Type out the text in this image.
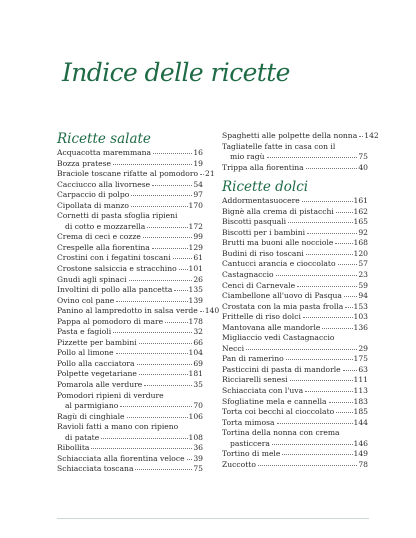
Indice delle ricette
Ricette salate
Acquacotta maremmana	16
Bozza pratese	19
Braciole toscane rifatte al pomodoro 21
Cacciucco alla livornese	54
Carpaccio di polpo	97
Cipollata di manzo	170
Cornetti di pasta sfoglia ripieni
di cotto e mozzarella	172
Crema di ceci e cozze	99
Crespelle alla fiorentina	129
Crostini con i fegatini toscani	61
Crostone salsiccia e stracchino 101
Gnudi agli spinaci	26
Involtini di pollo alla pancetta 135
Ovino col pane	139
Panino al lampredotto in salsa verde 140
Pappa al pomodoro di mare	178
Pasta e fagioli	32
Pizzette per bambini	66
Pollo al limone	104
Pollo alla cacciatora	69
Polpette vegetariane	181
Pomarola alle verdure	35
Pomodori ripieni di verdure
al parmigiano	70
Ragù di cinghiale	106
Ravioli fatti a mano con ripieno
di patate	108
Ribollita	36
Schiacciata alla fiorentina veloce 39
Schiacciata toscana	75
Spaghetti alle polpette della nonna 142
Tagliatelle fatte in casa con il
mio ragù	75
Trippa alla fiorentina	40
Ricette dolci
Addormentasuocere	161
Bignè alla crema di pistacchi	162
Biscotti pasquali	165
Biscotti per i bambini	92
Brutti ma buoni alle nocciole	168
Budini di riso toscani	120
Cantucci arancia e cioccolato	57
Castagnaccio	23
Cenci di Carnevale	59
Ciambellone all'uovo di Pasqua 94
Crostata con la mia pasta frolla 153
Frittelle di riso dolci	103
Mantovana alle mandorle	136
Migliaccio vedi Castagnaccio
Necci	29
Pan di ramerino	175
Pasticcini di pasta di mandorle 63
Ricciarelli senesi	111
Schiacciata con l'uva	113
Sfogliatine mela e cannella	183
Torta coi becchi al cioccolato	185
Torta mimosa	144
Tortina della nonna con crema
pasticcera	146
Tortino di mele	149
Zuccotto	78
